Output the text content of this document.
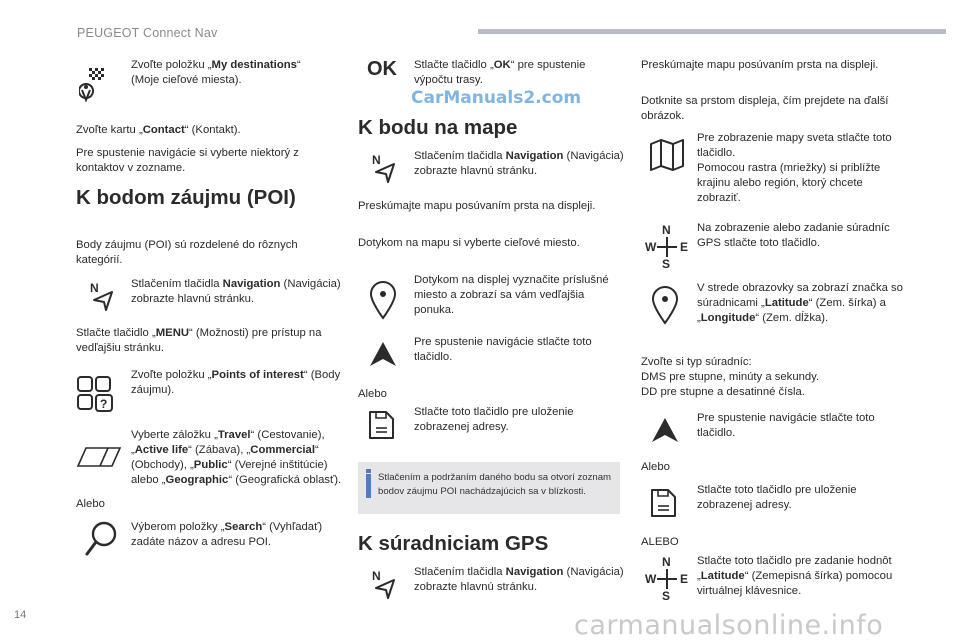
PEUGEOT Connect Nav
14	carmanualsonline.info
CarManuals2.com
Zvoľte položku „My destinations“ (Moje cieľové miesta).
Zvoľte kartu „Contact“ (Kontakt).
Pre spustenie navigácie si vyberte niektorý z kontaktov v zozname.
K bodom záujmu (POI)
Body záujmu (POI) sú rozdelené do rôznych kategórií.
N	Stlačením tlačidla Navigation (Navigácia) zobrazte hlavnú stránku.
Stlačte tlačidlo „MENU“ (Možnosti) pre prístup na vedľajšiu stránku.
?
Zvoľte položku „Points of interest“ (Body záujmu).
Vyberte záložku „Travel“ (Cestovanie), „Active life“ (Zábava), „Commercial“ (Obchody), „Public“ (Verejné inštitúcie) alebo „Geographic“ (Geografická oblasť).
Alebo
Výberom položky „Search“ (Vyhľadať) zadáte názov a adresu POI.
OK Stlačte tlačidlo „OK“ pre spustenie výpočtu trasy.
K bodu na mape
N	Stlačením tlačidla Navigation (Navigácia) zobrazte hlavnú stránku.
Preskúmajte mapu posúvaním prsta na displeji.
Dotykom na mapu si vyberte cieľové miesto.
Dotykom na displej vyznačite príslušné miesto a zobrazí sa vám vedľajšia ponuka.
Pre spustenie navigácie stlačte toto tlačidlo.
Alebo
Stlačte toto tlačidlo pre uloženie zobrazenej adresy.
Stlačením a podržaním daného bodu sa otvorí zoznam bodov záujmu POI nachádzajúcich sa v blízkosti.
K súradniciam GPS
N	Stlačením tlačidla Navigation (Navigácia) zobrazte hlavnú stránku.
Preskúmajte mapu posúvaním prsta na displeji.
Dotknite sa prstom displeja, čím prejdete na ďalší obrázok.
Pre zobrazenie mapy sveta stlačte toto tlačidlo.
Pomocou rastra (mriežky) si priblížte krajinu alebo región, ktorý chcete zobraziť.
N
S
W E
Na zobrazenie alebo zadanie súradníc GPS stlačte toto tlačidlo.
V strede obrazovky sa zobrazí značka so súradnicami „Latitude“ (Zem. šírka) a „Longitude“ (Zem. dĺžka).
Zvoľte si typ súradníc:
DMS pre stupne, minúty a sekundy.
DD pre stupne a desatinné čísla.
Pre spustenie navigácie stlačte toto tlačidlo.
Alebo
Stlačte toto tlačidlo pre uloženie zobrazenej adresy.
ALEBO
N
S
W E
Stlačte toto tlačidlo pre zadanie hodnôt „Latitude“ (Zemepisná šírka) pomocou virtuálnej klávesnice.
